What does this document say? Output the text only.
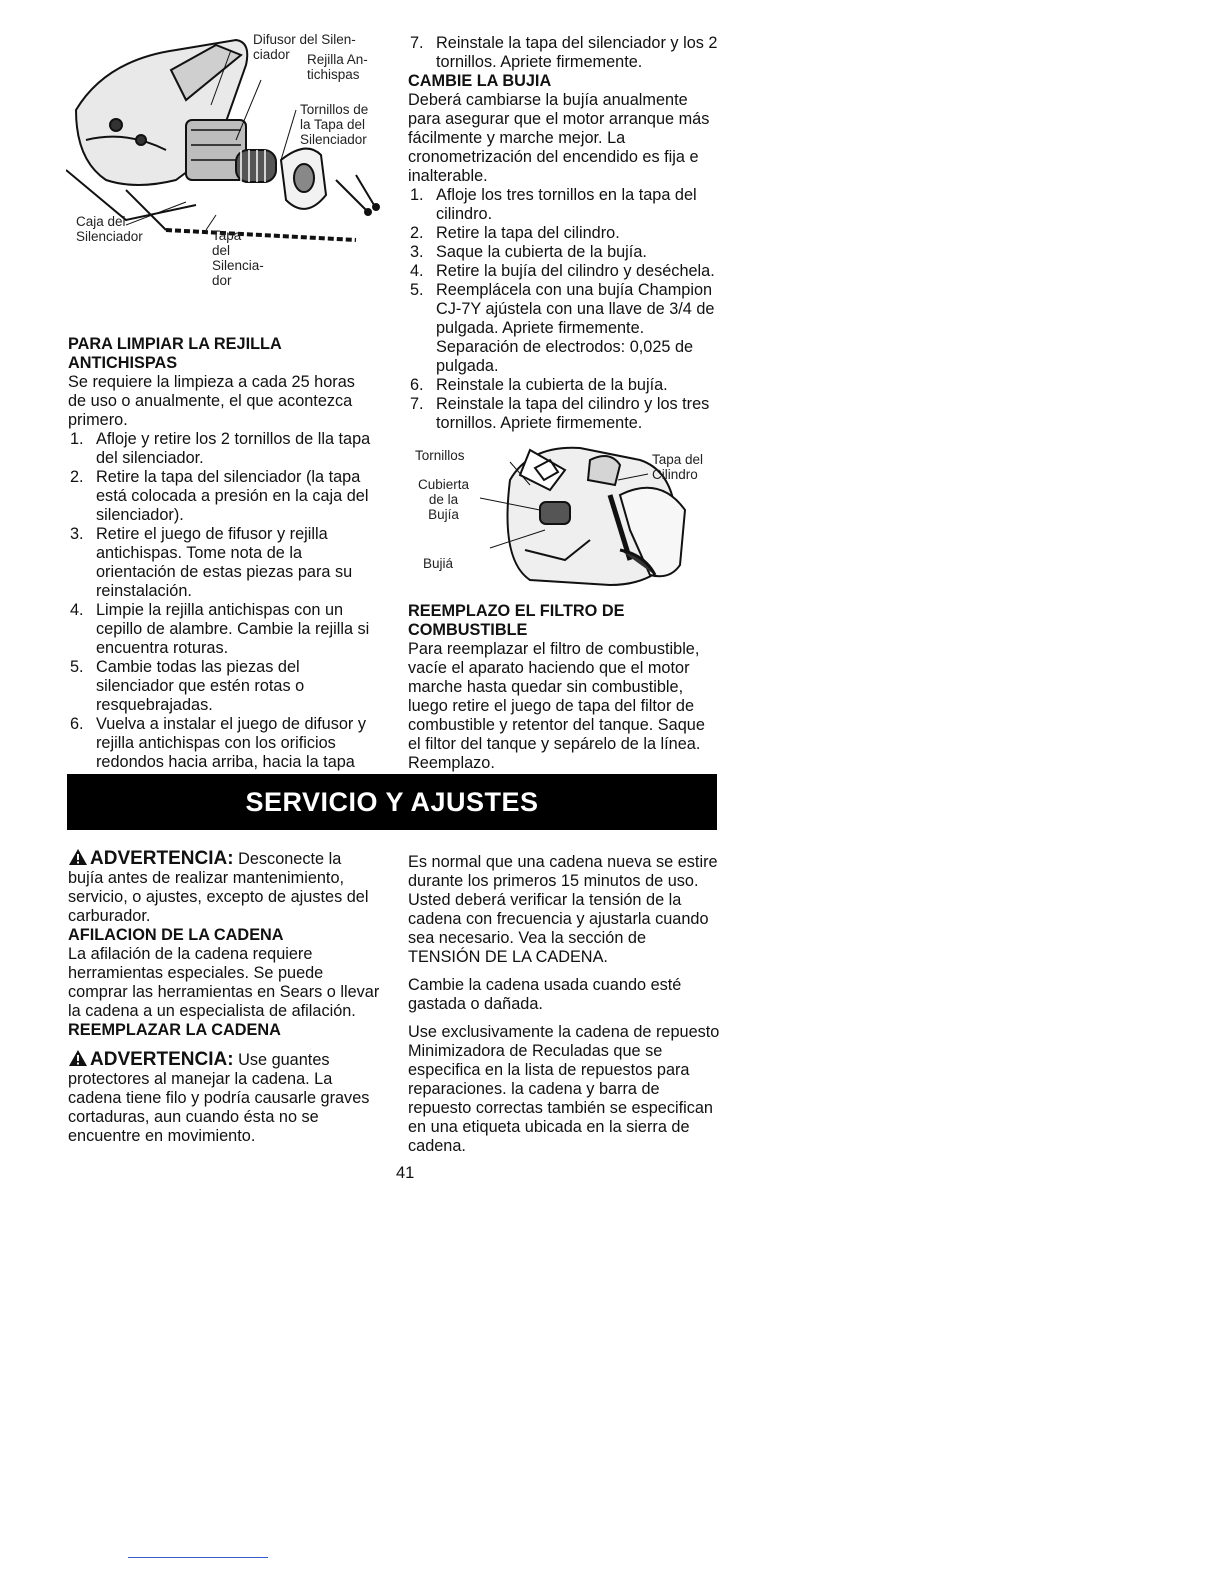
Difusor del Silen-
ciador	Rejilla An-
tichispas
Tornillos de
la Tapa del
Silenciador
Caja del
Silenciador	Tapa
del
Silencia-
dor

PARA LIMPIAR LA REJILLA ANTICHISPAS

Se requiere la limpieza a cada 25 horas de uso o anualmente, el que acontezca primero.

1. Afloje y retire los 2 tornillos de lla tapa del silenciador.
2. Retire la tapa del silenciador (la tapa está colocada a presión en la caja del silenciador).
3. Retire el juego de fifusor y rejilla antichispas. Tome nota de la orientación de estas piezas para su reinstalación.
4. Limpie la rejilla antichispas con un cepillo de alambre. Cambie la rejilla si encuentra roturas.
5. Cambie todas las piezas del silenciador que estén rotas o resquebrajadas.
6. Vuelva a instalar el juego de difusor y rejilla antichispas con los orificios redondos hacia arriba, hacia la tapa
7. Reinstale la tapa del silenciador y los 2 tornillos. Apriete firmemente.

CAMBIE LA BUJIA

Deberá cambiarse la bujía anualmente para asegurar que el motor arranque más fácilmente y marche mejor. La cronometrización del encendido es fija e inalterable.

1. Afloje los tres tornillos en la tapa del cilindro.
2. Retire la tapa del cilindro.
3. Saque la cubierta de la bujía.
4. Retire la bujía del cilindro y deséchela.
5. Reemplácela con una bujía Champion CJ-7Y ajústela con una llave de 3/4 de pulgada. Apriete firmemente. Separación de electrodos: 0,025 de pulgada.
6. Reinstale la cubierta de la bujía.
7. Reinstale la tapa del cilindro y los tres tornillos. Apriete firmemente.
Tornillos	Tapa del
Cilindro
Cubierta
de la
Bujía
Bujiá

REEMPLAZO EL FILTRO DE COMBUSTIBLE

Para reemplazar el filtro de combustible, vacíe el aparato haciendo que el motor marche hasta quedar sin combustible, luego retire el juego de tapa del filtor de combustible y retentor del tanque. Saque el filtor del tanque y sepárelo de la línea. Reemplazo.

SERVICIO Y AJUSTES

ADVERTENCIA: Desconecte la bujía antes de realizar mantenimiento, servicio, o ajustes, excepto de ajustes del carburador.

AFILACION DE LA CADENA

La afilación de la cadena requiere herramientas especiales. Se puede comprar las herramientas en Sears o llevar la cadena a un especialista de afilación.

REEMPLAZAR LA CADENA

ADVERTENCIA: Use guantes protectores al manejar la cadena. La cadena tiene filo y podría causarle graves cortaduras, aun cuando ésta no se encuentre en movimiento.

Es normal que una cadena nueva se estire durante los primeros 15 minutos de uso. Usted deberá verificar la tensión de la cadena con frecuencia y ajustarla cuando sea necesario. Vea la sección de TENSIÓN DE LA CADENA.

Cambie la cadena usada cuando esté gastada o dañada.

Use exclusivamente la cadena de repuesto Minimizadora de Reculadas que se especifica en la lista de repuestos para reparaciones. la cadena y barra de repuesto correctas también se especifican en una etiqueta ubicada en la sierra de cadena.

41
